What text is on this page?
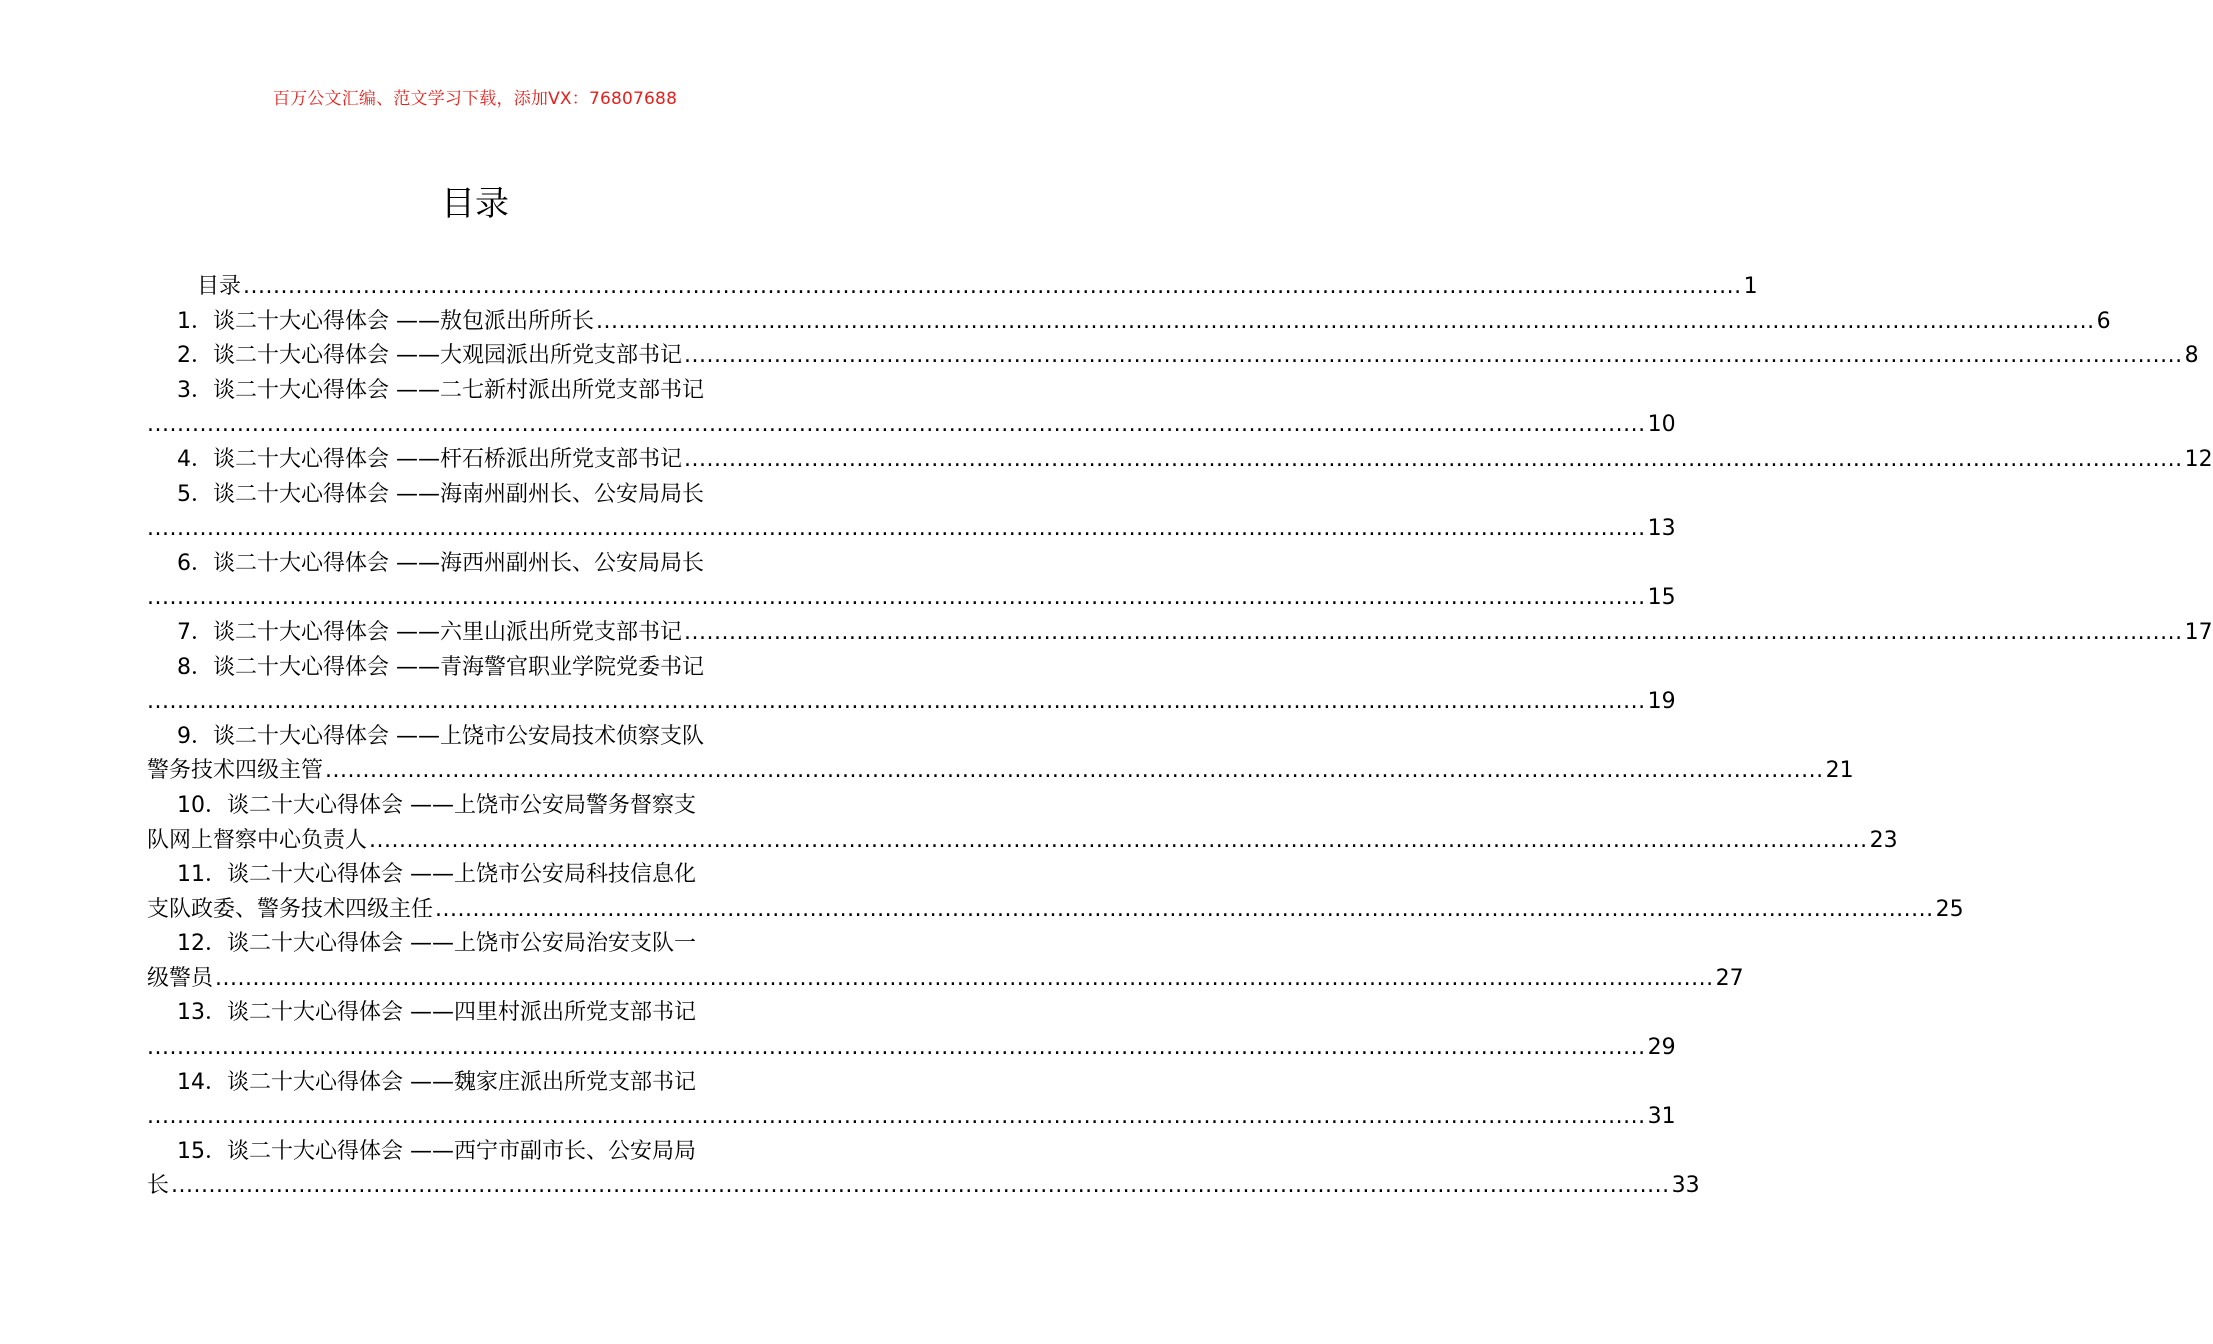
百万公文汇编、范文学习下载，添加VX：76807688
目录
目录 ........................................................................................................................................................................................................ 1
1．谈二十大心得体会 ——敖包派出所所长 ........................................................................................................................................................................................................ 6
2．谈二十大心得体会 ——大观园派出所党支部书记 ........................................................................................................................................................................................................ 8
3．谈二十大心得体会 ——二七新村派出所党支部书记
........................................................................................................................................................................................................ 10
4．谈二十大心得体会 ——杆石桥派出所党支部书记 ........................................................................................................................................................................................................ 12
5．谈二十大心得体会 ——海南州副州长、公安局局长
........................................................................................................................................................................................................ 13
6．谈二十大心得体会 ——海西州副州长、公安局局长
........................................................................................................................................................................................................ 15
7．谈二十大心得体会 ——六里山派出所党支部书记 ........................................................................................................................................................................................................ 17
8．谈二十大心得体会 ——青海警官职业学院党委书记
........................................................................................................................................................................................................ 19
9．谈二十大心得体会 ——上饶市公安局技术侦察支队
警务技术四级主管 ........................................................................................................................................................................................................ 21
10．谈二十大心得体会 ——上饶市公安局警务督察支
队网上督察中心负责人 ........................................................................................................................................................................................................ 23
11．谈二十大心得体会 ——上饶市公安局科技信息化
支队政委、警务技术四级主任 ........................................................................................................................................................................................................ 25
12．谈二十大心得体会 ——上饶市公安局治安支队一
级警员 ........................................................................................................................................................................................................ 27
13．谈二十大心得体会 ——四里村派出所党支部书记
........................................................................................................................................................................................................ 29
14．谈二十大心得体会 ——魏家庄派出所党支部书记
........................................................................................................................................................................................................ 31
15．谈二十大心得体会 ——西宁市副市长、公安局局
长 ........................................................................................................................................................................................................ 33
